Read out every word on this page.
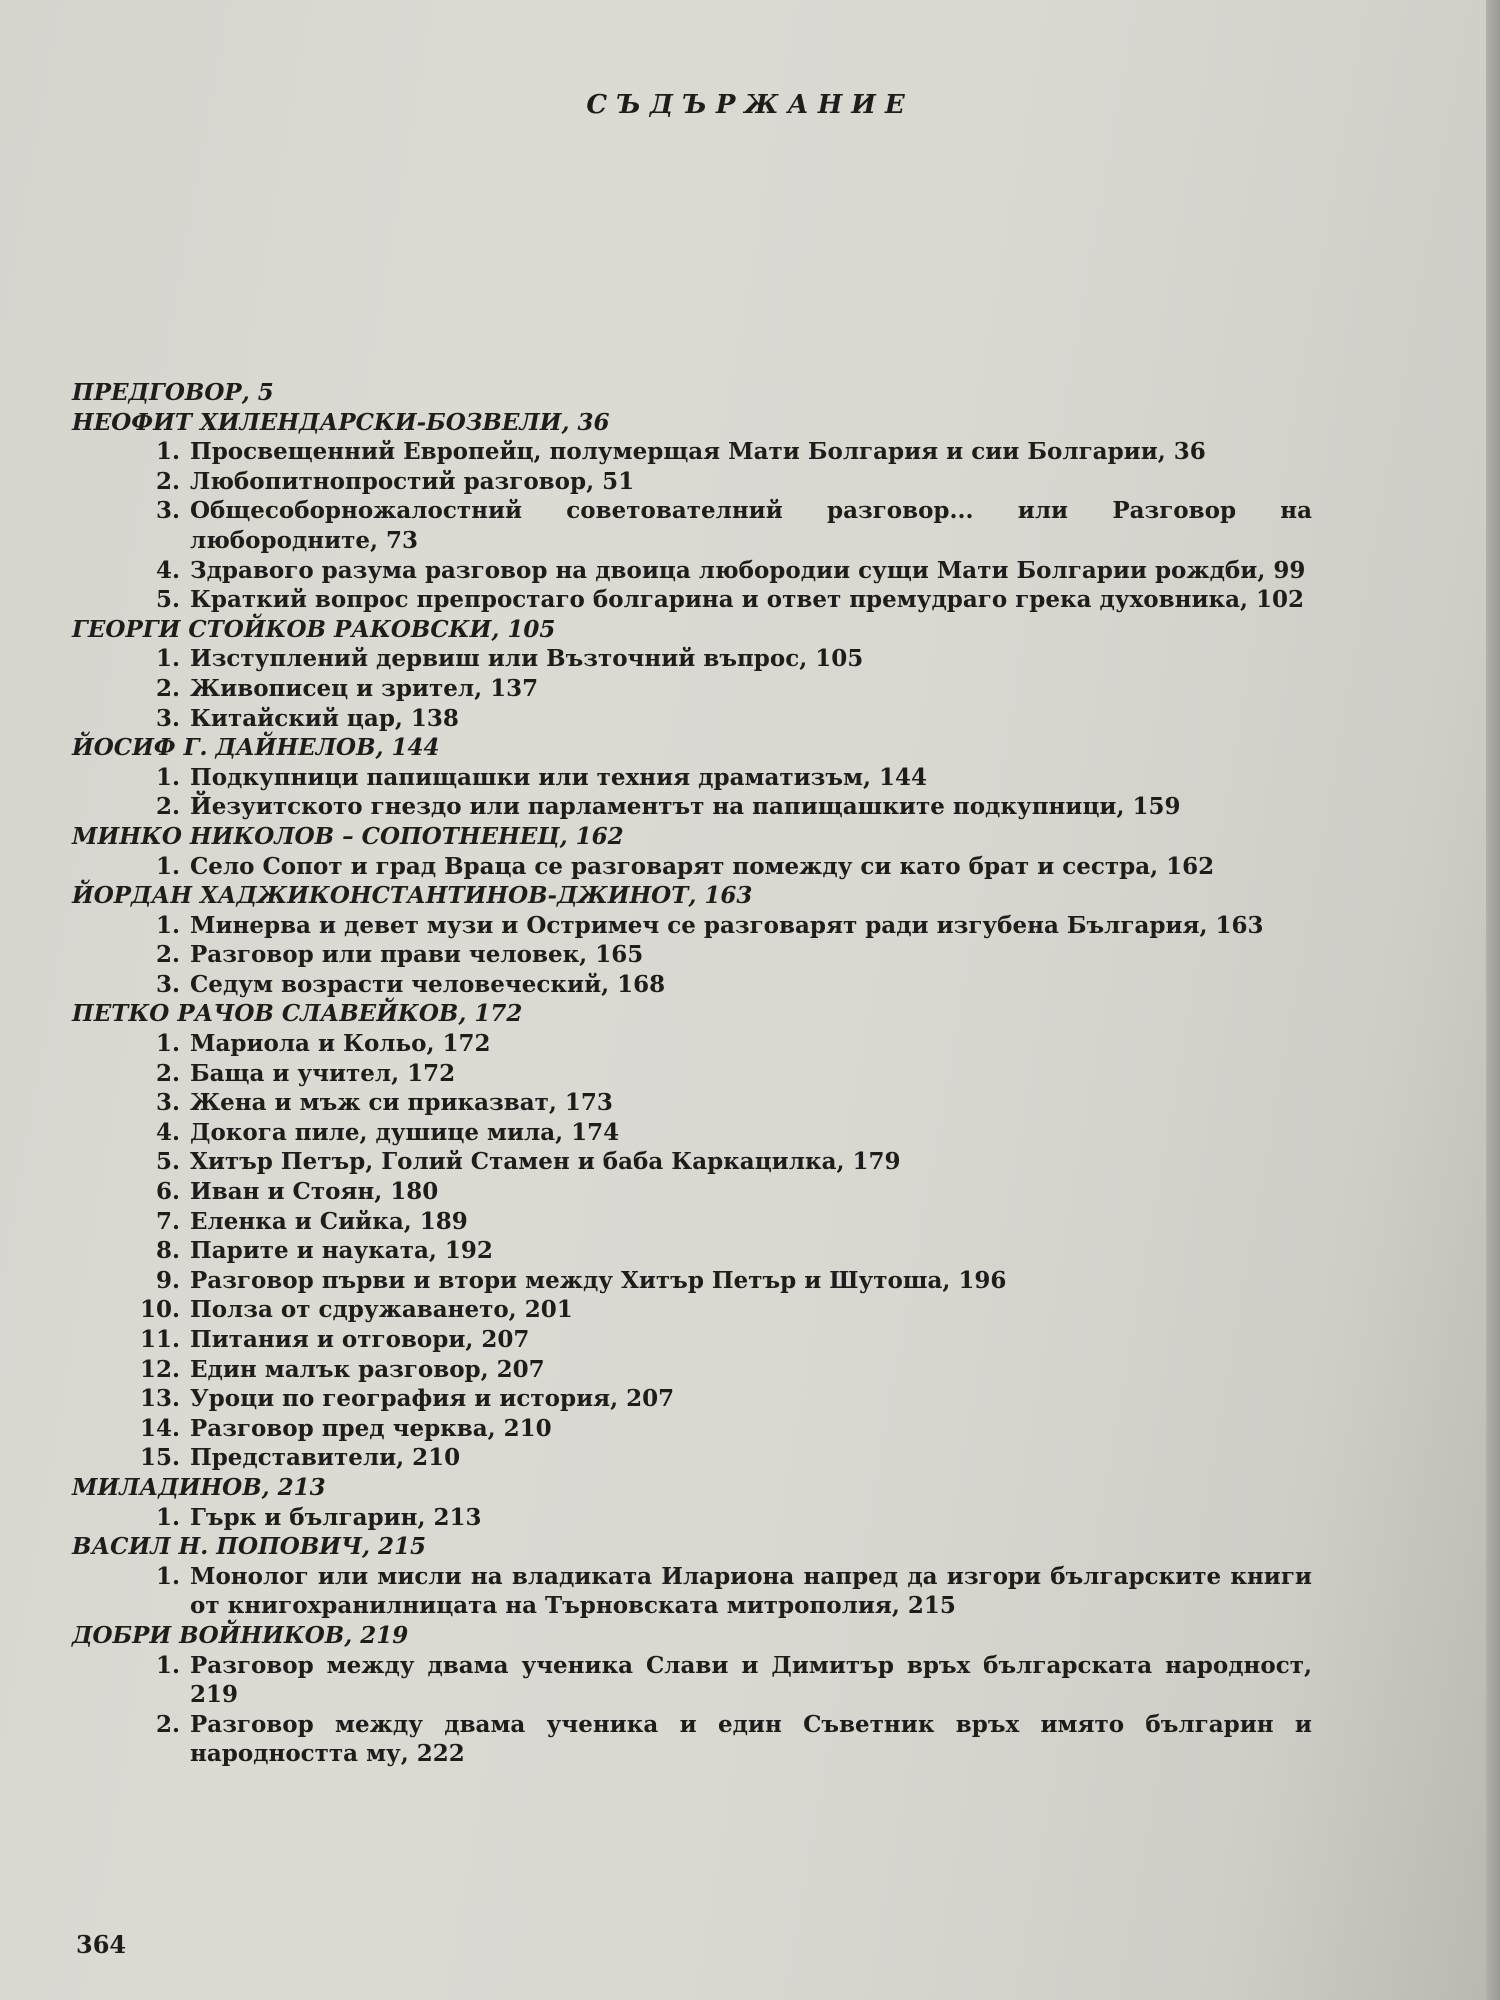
СЪДЪРЖАНИЕ
ПРЕДГОВОР, 5
НЕОФИТ ХИЛЕНДАРСКИ-БОЗВЕЛИ, 36
1. Просвещенний Европейц, полумерщая Мати Болгария и сии Болгарии, 36
2. Любопитнопростий разговор, 51
3. Общесоборножалостний советователний разговор... или Разговор на любородните, 73
4. Здравого разума разговор на двоица любородии сущи Мати Болгарии рождби, 99
5. Краткий вопрос препростаго болгарина и ответ премудраго грека духовника, 102
ГЕОРГИ СТОЙКОВ РАКОВСКИ, 105
1. Изступлений дервиш или Възточний въпрос, 105
2. Живописец и зрител, 137
3. Китайский цар, 138
ЙОСИФ Г. ДАЙНЕЛОВ, 144
1. Подкупници папищашки или техния драматизъм, 144
2. Йезуитското гнездо или парламентът на папищашките подкупници, 159
МИНКО НИКОЛОВ – СОПОТНЕНЕЦ, 162
1. Село Сопот и град Враца се разговарят помежду си като брат и сестра, 162
ЙОРДАН ХАДЖИКОНСТАНТИНОВ-ДЖИНОТ, 163
1. Минерва и девет музи и Остримеч се разговарят ради изгубена България, 163
2. Разговор или прави человек, 165
3. Седум возрасти человеческий, 168
ПЕТКО РАЧОВ СЛАВЕЙКОВ, 172
1. Мариола и Кольо, 172
2. Баща и учител, 172
3. Жена и мъж си приказват, 173
4. Докога пиле, душице мила, 174
5. Хитър Петър, Голий Стамен и баба Каркацилка, 179
6. Иван и Стоян, 180
7. Еленка и Сийка, 189
8. Парите и науката, 192
9. Разговор първи и втори между Хитър Петър и Шутоша, 196
10. Полза от сдружаването, 201
11. Питания и отговори, 207
12. Един малък разговор, 207
13. Уроци по география и история, 207
14. Разговор пред черква, 210
15. Представители, 210
МИЛАДИНОВ, 213
1. Гърк и българин, 213
ВАСИЛ Н. ПОПОВИЧ, 215
1. Монолог или мисли на владиката Илариона напред да изгори българските книги от книгохранилницата на Търновската митрополия, 215
ДОБРИ ВОЙНИКОВ, 219
1. Разговор между двама ученика Слави и Димитър връх българската народност, 219
2. Разговор между двама ученика и един Съветник връх имято българин и народността му, 222
364
